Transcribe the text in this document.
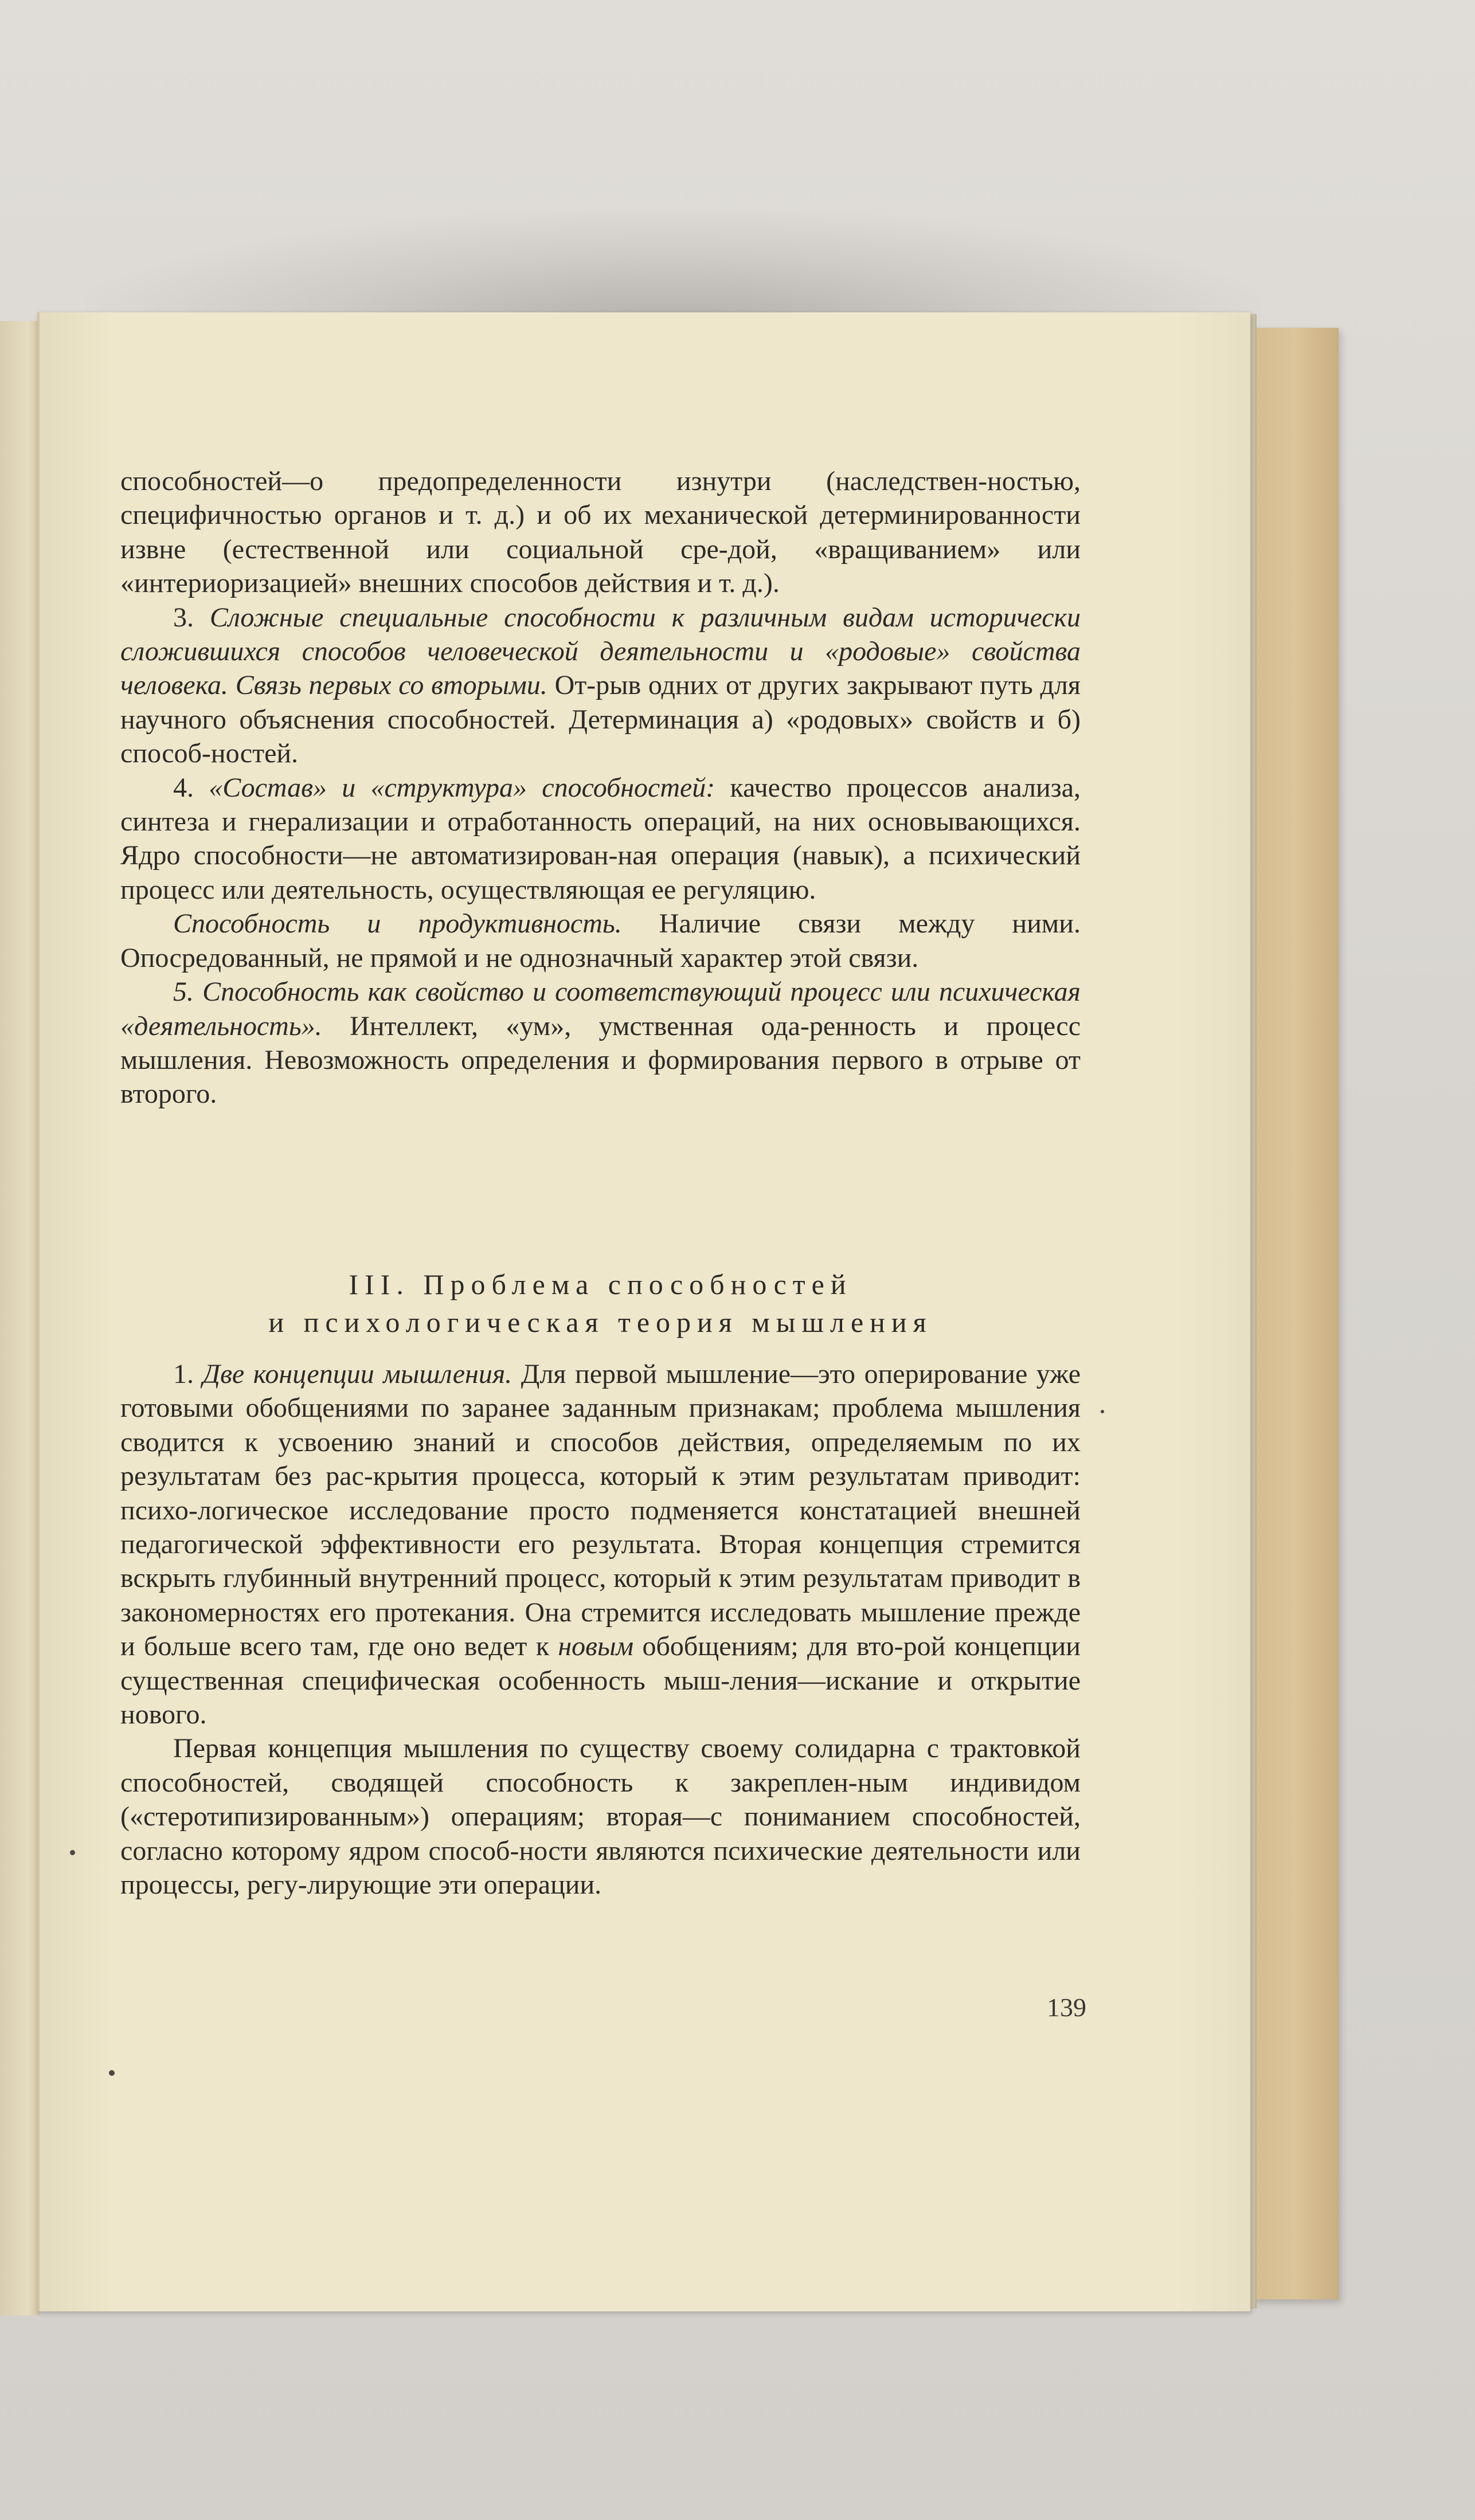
способностей—о предопределенности изнутри (наследствен-ностью, специфичностью органов и т. д.) и об их механической детерминированности извне (естественной или социальной сре-дой, «вращиванием» или «интериоризацией» внешних способов действия и т. д.).

3. Сложные специальные способности к различным видам исторически сложившихся способов человеческой деятельности и «родовые» свойства человека. Связь первых со вторыми. От-рыв одних от других закрывают путь для научного объяснения способностей. Детерминация а) «родовых» свойств и б) способ-ностей.

4. «Состав» и «структура» способностей: качество процессов анализа, синтеза и гнерализации и отработанность операций, на них основывающихся. Ядро способности—не автоматизирован-ная операция (навык), а психический процесс или деятельность, осуществляющая ее регуляцию.

Способность и продуктивность. Наличие связи между ними. Опосредованный, не прямой и не однозначный характер этой связи.

5. Способность как свойство и соответствующий процесс или психическая «деятельность». Интеллект, «ум», умственная ода-ренность и процесс мышления. Невозможность определения и формирования первого в отрыве от второго.

III. Проблема способностей
и психологическая теория мышления

1. Две концепции мышления. Для первой мышление—это оперирование уже готовыми обобщениями по заранее заданным признакам; проблема мышления сводится к усвоению знаний и способов действия, определяемым по их результатам без рас-крытия процесса, который к этим результатам приводит: психо-логическое исследование просто подменяется констатацией внешней педагогической эффективности его результата. Вторая концепция стремится вскрыть глубинный внутренний процесс, который к этим результатам приводит в закономерностях его протекания. Она стремится исследовать мышление прежде и больше всего там, где оно ведет к новым обобщениям; для вто-рой концепции существенная специфическая особенность мыш-ления—искание и открытие нового.

Первая концепция мышления по существу своему солидарна с трактовкой способностей, сводящей способность к закреплен-ным индивидом («стеротипизированным») операциям; вторая—с пониманием способностей, согласно которому ядром способ-ности являются психические деятельности или процессы, регу-лирующие эти операции.

139
